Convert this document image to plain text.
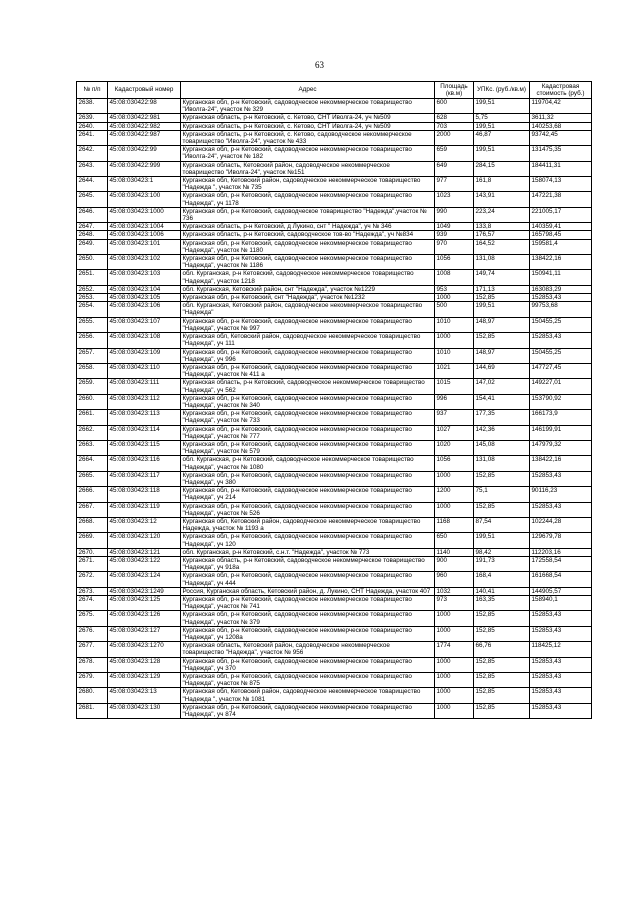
63
№ п/п	Кадастровый номер	Адрес	Площадь (кв.м)	УПКс. (руб./кв.м)	Кадастровая стоимость (руб.)
2638.	45:08:030422:98	Курганская обл, р-н Кетовский, садоводческое некоммерческое товарищество "Иволга-24", участок № 329	600	199,51	119704,42
2639.	45:08:030422:981	Курганская область, р-н Кетовский, с. Кетово, СНТ Иволга-24, уч №509	628	5,75	3611,32
2640.	45:08:030422:982	Курганская область, р-н Кетовский, с. Кетово, СНТ Иволга-24, уч №509	703	199,51	140253,68
2641.	45:08:030422:987	Курганская область, р-н Кетовский, с. Кетово, садоводческое некоммерческое товарищество "Иволга-24", участок № 433	2000	46,87	93742,45
2642.	45:08:030422:99	Курганская обл, р-н Кетовский, садоводческое некоммерческое товарищество "Иволга-24", участок № 182	659	199,51	131475,35
2643.	45:08:030422:999	Курганская область, Кетовский район, садоводческое некоммерческое товарищество "Иволга-24", участок №151	649	284,15	184411,31
2644.	45:08:030423:1	Курганская обл, Кетовский район, садоводческое некоммерческое товарищество "Надежда ", участок № 735	977	161,8	158074,13
2645.	45:08:030423:100	Курганская обл, р-н Кетовский, садоводческое некоммерческое товарищество "Надежда", уч 1178	1023	143,91	147221,38
2646.	45:08:030423:1000	Курганская обл, р-н Кетовский, садоводческое товарищество "Надежда",участок № 736	990	223,24	221005,17
2647.	45:08:030423:1004	Курганская область, р-н Кетовский, д Лукино, снт " Надежда", уч № 346	1049	133,8	140359,41
2648.	45:08:030423:1006	Курганская область, р-н Кетовский, садоводческое тов-во "Надежда", уч №834	939	176,57	165798,45
2649.	45:08:030423:101	Курганская обл, р-н Кетовский, садоводческое некоммерческое товарищество "Надежда", участок № 1180	970	164,52	159581,4
2650.	45:08:030423:102	Курганская обл, р-н Кетовский, садоводческое некоммерческое товарищество "Надежда", участок № 1186	1056	131,08	138422,16
2651.	45:08:030423:103	обл. Курганская, р-н Кетовский, садоводческое некоммерческое товарищество "Надежда", участок 1218	1008	149,74	150941,11
2652.	45:08:030423:104	обл. Курганская, Кетовский район, снт "Надежда", участок №1229	953	171,13	163083,29
2653.	45:08:030423:105	Курганская обл, р-н Кетовский, снт "Надежда", участок №1232	1000	152,85	152853,43
2654.	45:08:030423:106	обл. Курганская, Кетовский район, садоводческое некоммерческое товарищество "Надежда"	500	199,51	99753,68
2655.	45:08:030423:107	Курганская обл, р-н Кетовский, садоводческое некоммерческое товарищество "Надежда", участок № 997	1010	148,97	150455,25
2656.	45:08:030423:108	Курганская обл, Кетовский район, садоводческое некоммерческое товарищество "Надежда", уч 111	1000	152,85	152853,43
2657.	45:08:030423:109	Курганская обл, р-н Кетовский, садоводческое некоммерческое товарищество "Надежда", уч 996	1010	148,97	150455,25
2658.	45:08:030423:110	Курганская обл, р-н Кетовский, садоводческое некоммерческое товарищество "Надежда", участок № 411 а	1021	144,69	147727,45
2659.	45:08:030423:111	Курганская область, р-н Кетовский, садоводческое некоммерческое товарищество "Надежда", уч 562	1015	147,02	149227,01
2660.	45:08:030423:112	Курганская обл, р-н Кетовский, садоводческое некоммерческое товарищество "Надежда", участок № 340	996	154,41	153790,92
2661.	45:08:030423:113	Курганская обл, р-н Кетовский, садоводческое некоммерческое товарищество "Надежда", участок № 733	937	177,35	166173,9
2662.	45:08:030423:114	Курганская обл, р-н Кетовский, садоводческое некоммерческое товарищество "Надежда", участок № 777	1027	142,36	146199,91
2663.	45:08:030423:115	Курганская обл, р-н Кетовский, садоводческое некоммерческое товарищество "Надежда", участок № 579	1020	145,08	147979,32
2664.	45:08:030423:116	обл. Курганская, р-н Кетовский, садоводческое некоммерческое товарищество "Надежда", участок № 1080	1056	131,08	138422,16
2665.	45:08:030423:117	Курганская обл, р-н Кетовский, садоводческое некоммерческое товарищество "Надежда", уч 380	1000	152,85	152853,43
2666.	45:08:030423:118	Курганская обл, р-н Кетовский, садоводческое некоммерческое товарищество "Надежда", уч 214	1200	75,1	90116,23
2667.	45:08:030423:119	Курганская обл, р-н Кетовский, садоводческое некоммерческое товарищество "Надежда", участок № 526	1000	152,85	152853,43
2668.	45:08:030423:12	Курганская обл, Кетовский район, садоводческое некоммерческое товарищество Надежда, участок № 1193 а	1168	87,54	102244,28
2669.	45:08:030423:120	Курганская обл, р-н Кетовский, садоводческое некоммерческое товарищество "Надежда", уч 120	650	199,51	129679,78
2670.	45:08:030423:121	обл. Курганская, р-н Кетовский, с.н.т. "Надежда", участок № 773	1140	98,42	112203,16
2671.	45:08:030423:122	Курганская область, р-н Кетовский, садоводческое некоммерческое товарищество "Надежда", уч 918а	900	191,73	172558,54
2672.	45:08:030423:124	Курганская обл, р-н Кетовский, садоводческое некоммерческое товарищество "Надежда", уч 444	960	168,4	161668,54
2673.	45:08:030423:1249	Россия, Курганская область, Кетовский район, д. Лукино, СНТ Надежда, участок 407	1032	140,41	144905,57
2674.	45:08:030423:125	Курганская обл, р-н Кетовский, садоводческое некоммерческое товарищество "Надежда", участок № 741	973	163,35	158940,1
2675.	45:08:030423:126	Курганская обл, р-н Кетовский, садоводческое некоммерческое товарищество "Надежда", участок № 379	1000	152,85	152853,43
2676.	45:08:030423:127	Курганская обл, р-н Кетовский, садоводческое некоммерческое товарищество "Надежда", уч 1208а	1000	152,85	152853,43
2677.	45:08:030423:1270	Курганская область, Кетовский район, садоводческое некоммерческое товарищество "Надежда", участок № 956	1774	66,76	118425,12
2678.	45:08:030423:128	Курганская обл, р-н Кетовский, садоводческое некоммерческое товарищество "Надежда", уч 370	1000	152,85	152853,43
2679.	45:08:030423:129	Курганская обл, р-н Кетовский, садоводческое некоммерческое товарищество "Надежда", участок № 875	1000	152,85	152853,43
2680.	45:08:030423:13	Курганская обл, Кетовский район, садоводческое некоммерческое товарищество "Надежда ", участок № 1081	1000	152,85	152853,43
2681.	45:08:030423:130	Курганская обл, р-н Кетовский, садоводческое некоммерческое товарищество "Надежда", уч 874	1000	152,85	152853,43
